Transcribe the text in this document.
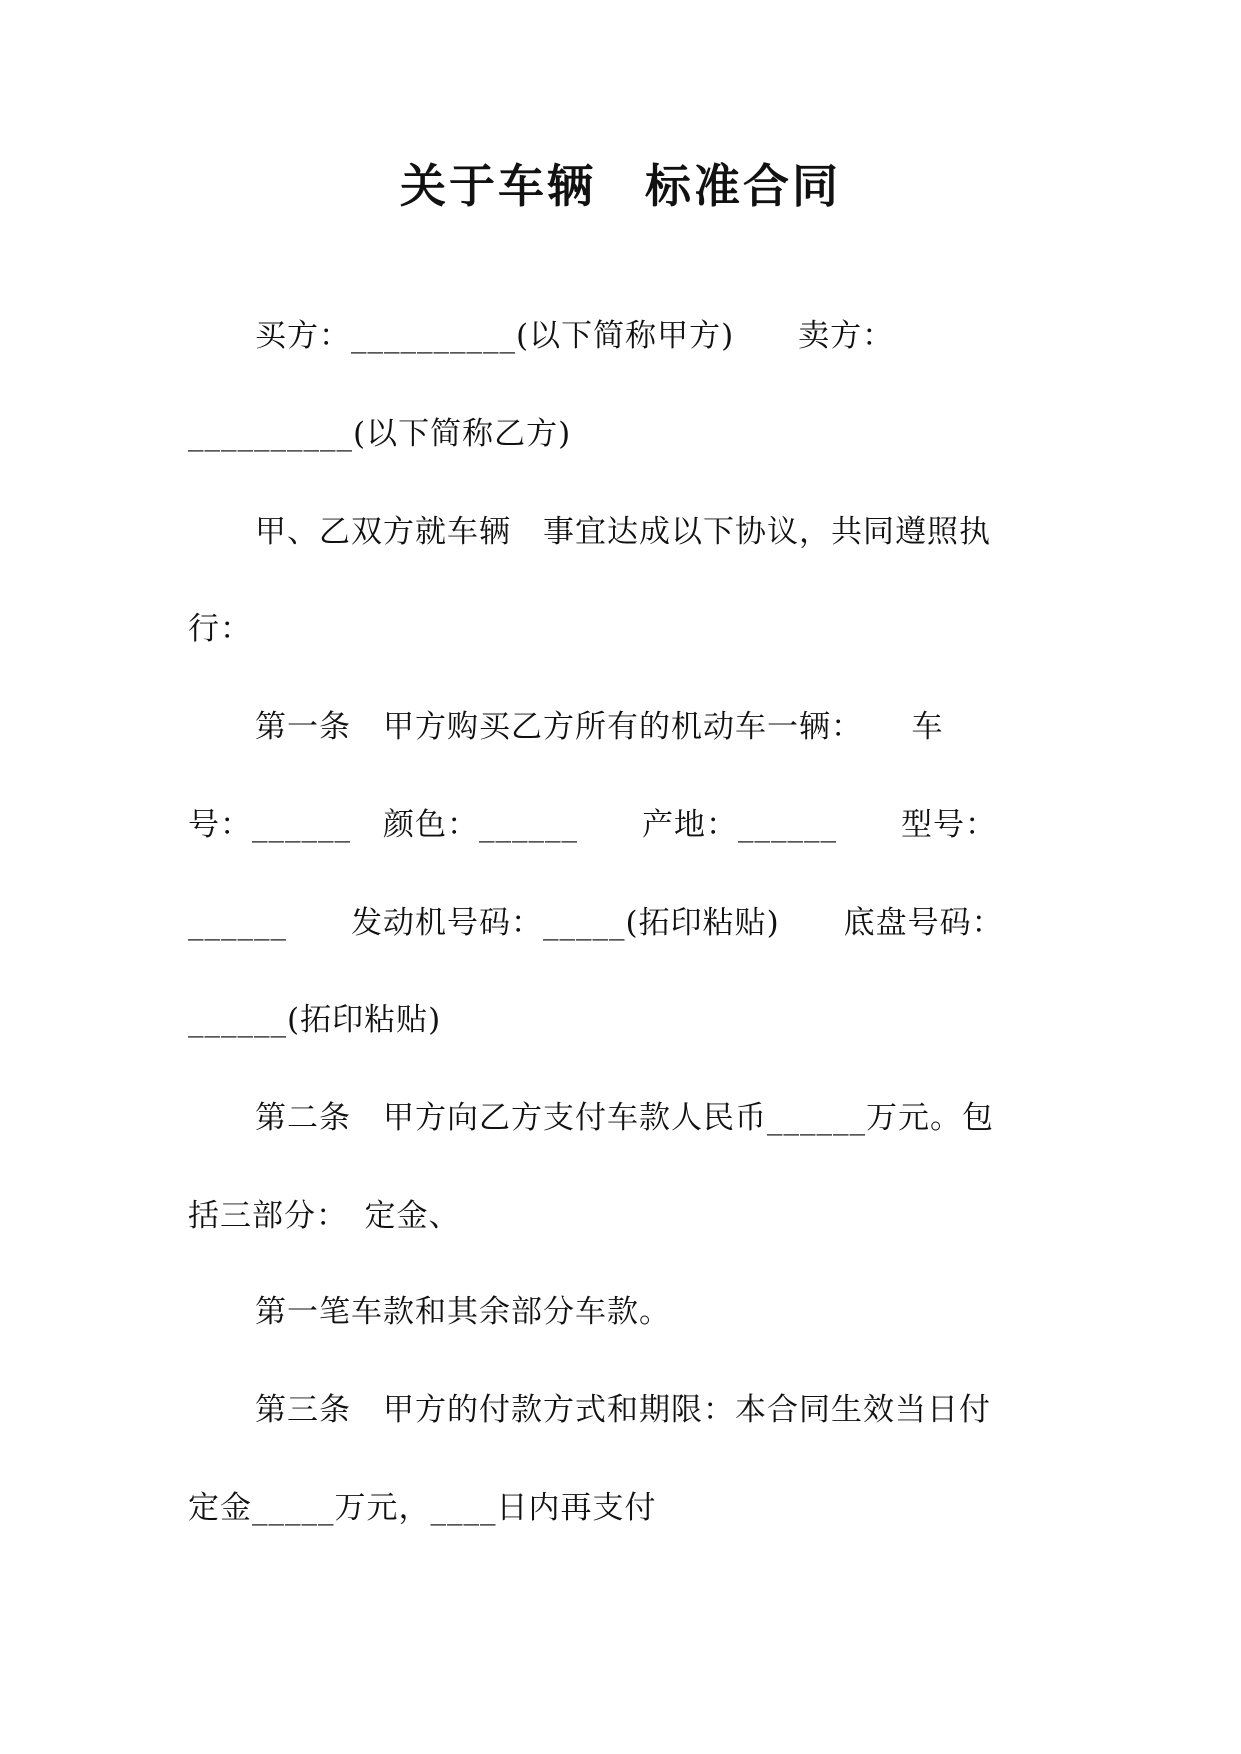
关于车辆　标准合同
买方：__________(以下简称甲方)　　卖方：
__________(以下简称乙方)
甲、乙双方就车辆　事宜达成以下协议，共同遵照执
行：
第一条　甲方购买乙方所有的机动车一辆：　　车
号：______　颜色：______　　产地：______　　型号：
______　　发动机号码：_____(拓印粘贴)　　底盘号码：
______(拓印粘贴)
第二条　甲方向乙方支付车款人民币______万元。包
括三部分：　定金、
第一笔车款和其余部分车款。
第三条　甲方的付款方式和期限：本合同生效当日付
定金_____万元，____日内再支付
